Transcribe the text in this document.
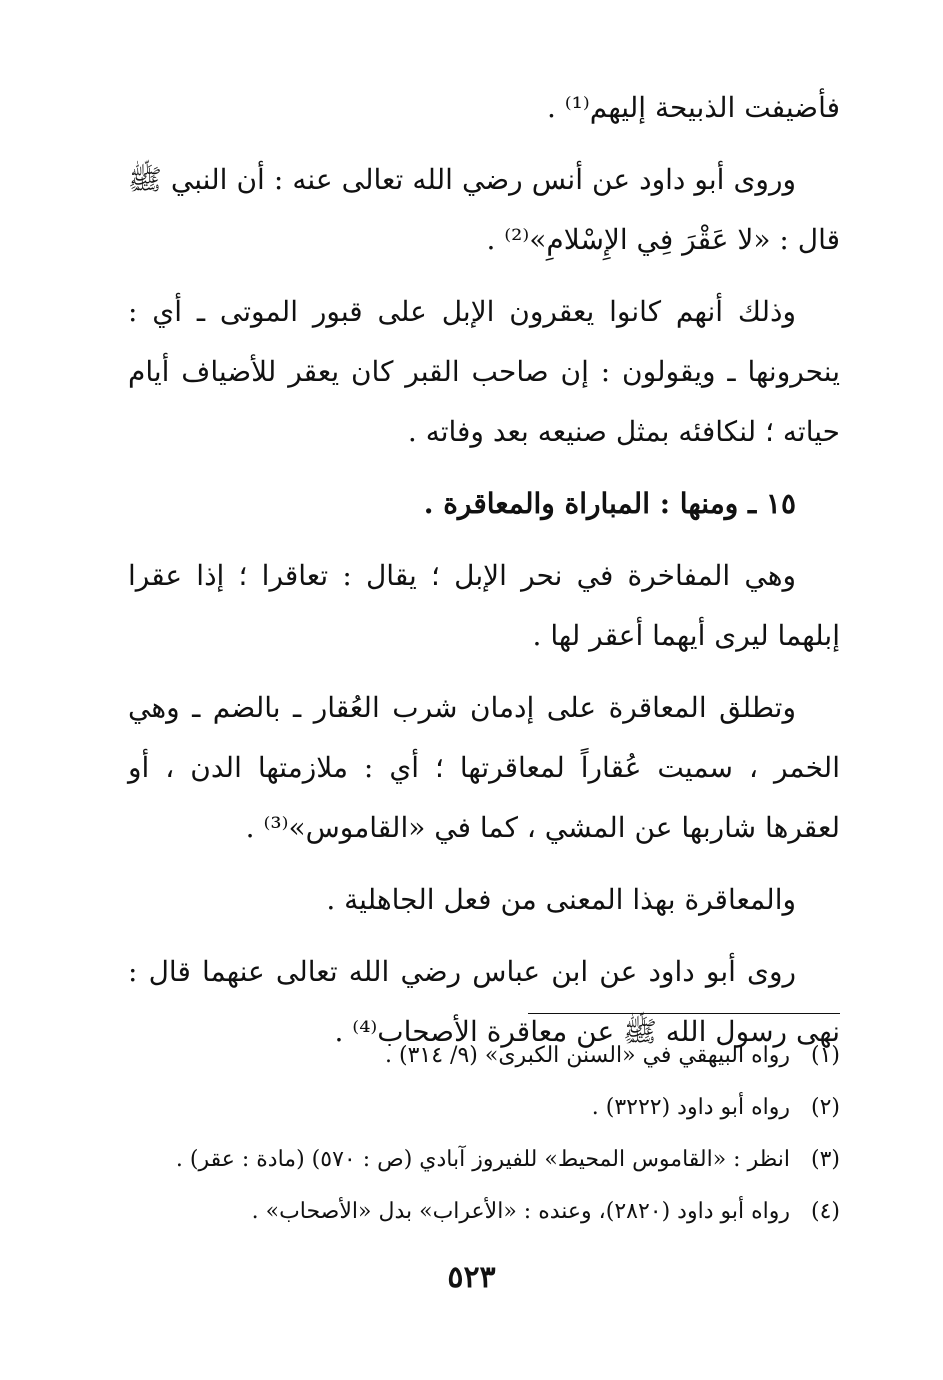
فأضيفت الذبيحة إليهم⁽¹⁾ .

وروى أبو داود عن أنس رضي الله تعالى عنه : أن النبي ﷺ قال : «لا عَقْرَ فِي الإِسْلامِ»⁽²⁾ .

وذلك أنهم كانوا يعقرون الإبل على قبور الموتى ـ أي : ينحرونها ـ ويقولون : إن صاحب القبر كان يعقر للأضياف أيام حياته ؛ لنكافئه بمثل صنيعه بعد وفاته .

١٥ ـ ومنها : المباراة والمعاقرة .

وهي المفاخرة في نحر الإبل ؛ يقال : تعاقرا ؛ إذا عقرا إبلهما ليرى أيهما أعقر لها .

وتطلق المعاقرة على إدمان شرب العُقار ـ بالضم ـ وهي الخمر ، سميت عُقاراً لمعاقرتها ؛ أي : ملازمتها الدن ، أو لعقرها شاربها عن المشي ، كما في «القاموس»⁽³⁾ .

والمعاقرة بهذا المعنى من فعل الجاهلية .

روى أبو داود عن ابن عباس رضي الله تعالى عنهما قال : نهى رسول الله ﷺ عن معاقرة الأصحاب⁽⁴⁾ .

(١)
رواه البيهقي في «السنن الكبرى» (٩/ ٣١٤) .
(٢)
رواه أبو داود (٣٢٢٢) .
(٣)
انظر : «القاموس المحيط» للفيروز آبادي (ص : ٥٧٠) (مادة : عقر) .
(٤)
رواه أبو داود (٢٨٢٠)، وعنده : «الأعراب» بدل «الأصحاب» .
٥٢٣
